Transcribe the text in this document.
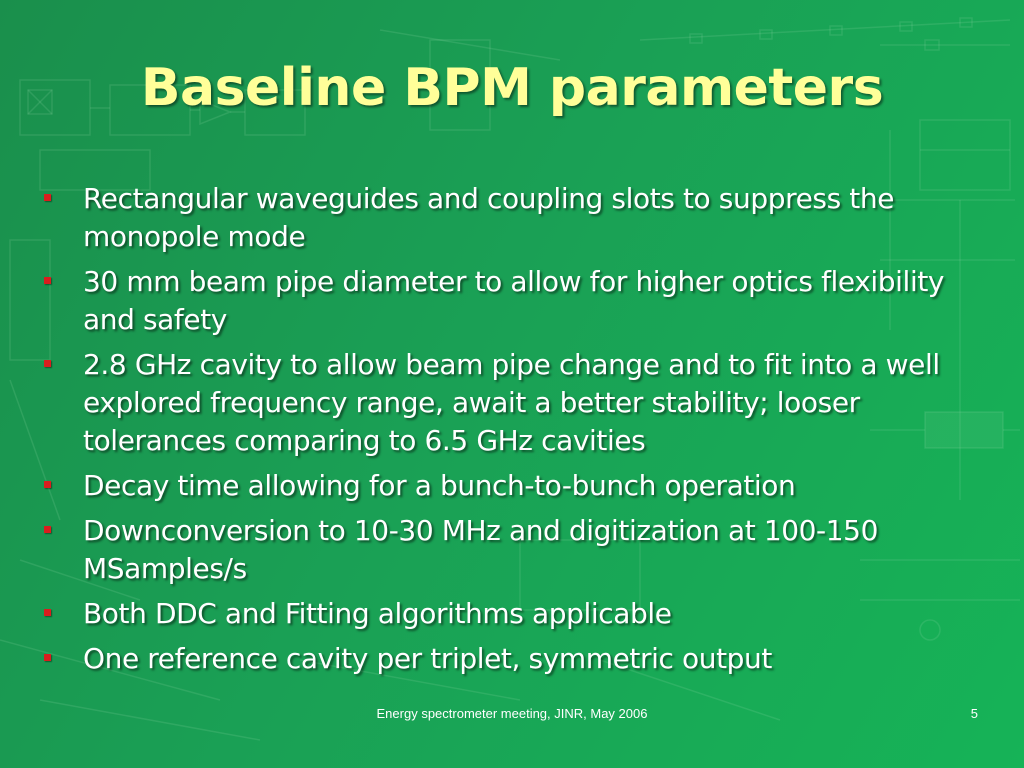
Baseline BPM parameters
Rectangular waveguides and coupling slots to suppress the monopole mode
30 mm beam pipe diameter to allow for higher optics flexibility and safety
2.8 GHz cavity to allow beam pipe change and to fit into a well explored frequency range, await a better stability; looser tolerances comparing to 6.5 GHz cavities
Decay time allowing for a bunch-to-bunch operation
Downconversion to 10-30 MHz and digitization at 100-150 MSamples/s
Both DDC and Fitting algorithms applicable
One reference cavity per triplet, symmetric output
Energy spectrometer meeting, JINR, May 2006	5
